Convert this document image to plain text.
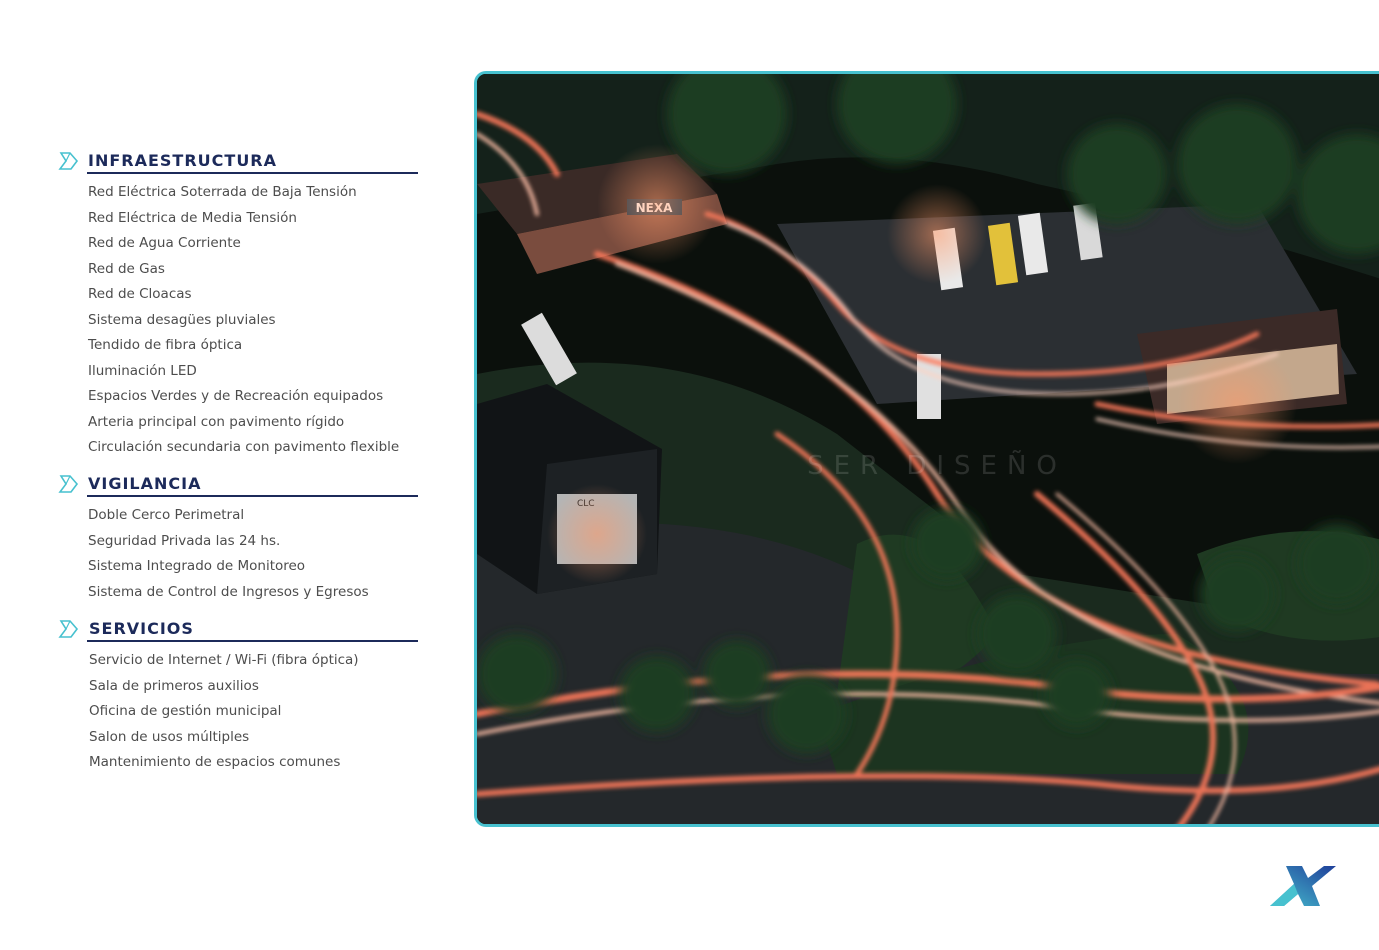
INFRAESTRUCTURA
Red Eléctrica Soterrada de Baja Tensión
Red Eléctrica de Media Tensión
Red de Agua Corriente
Red de Gas
Red de Cloacas
Sistema desagües pluviales
Tendido de fibra óptica
Iluminación LED
Espacios Verdes y de Recreación equipados
Arteria principal con pavimento rígido
Circulación secundaria con pavimento flexible
VIGILANCIA
Doble Cerco Perimetral
Seguridad Privada las 24 hs.
Sistema Integrado de Monitoreo
Sistema de Control de Ingresos y Egresos
SERVICIOS
Servicio de Internet / Wi-Fi (fibra óptica)
Sala de primeros auxilios
Oficina de gestión municipal
Salon de usos múltiples
Mantenimiento de espacios comunes
SER DISEÑO
